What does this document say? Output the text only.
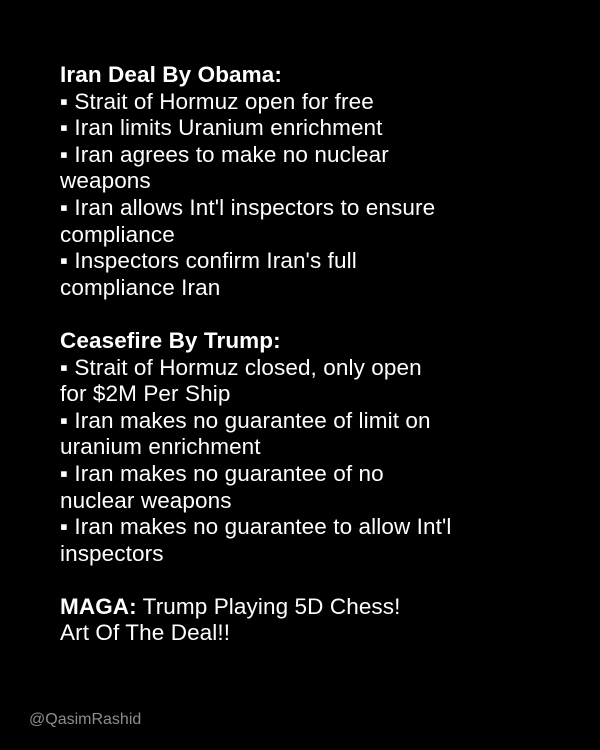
Iran Deal By Obama:
▪ Strait of Hormuz open for free
▪ Iran limits Uranium enrichment
▪ Iran agrees to make no nuclear
weapons
▪ Iran allows Int'l inspectors to ensure
compliance
▪ Inspectors confirm Iran's full
compliance Iran
Ceasefire By Trump:
▪ Strait of Hormuz closed, only open
for $2M Per Ship
▪ Iran makes no guarantee of limit on
uranium enrichment
▪ Iran makes no guarantee of no
nuclear weapons
▪ Iran makes no guarantee to allow Int'l
inspectors
MAGA: Trump Playing 5D Chess!
Art Of The Deal!!
@QasimRashid
